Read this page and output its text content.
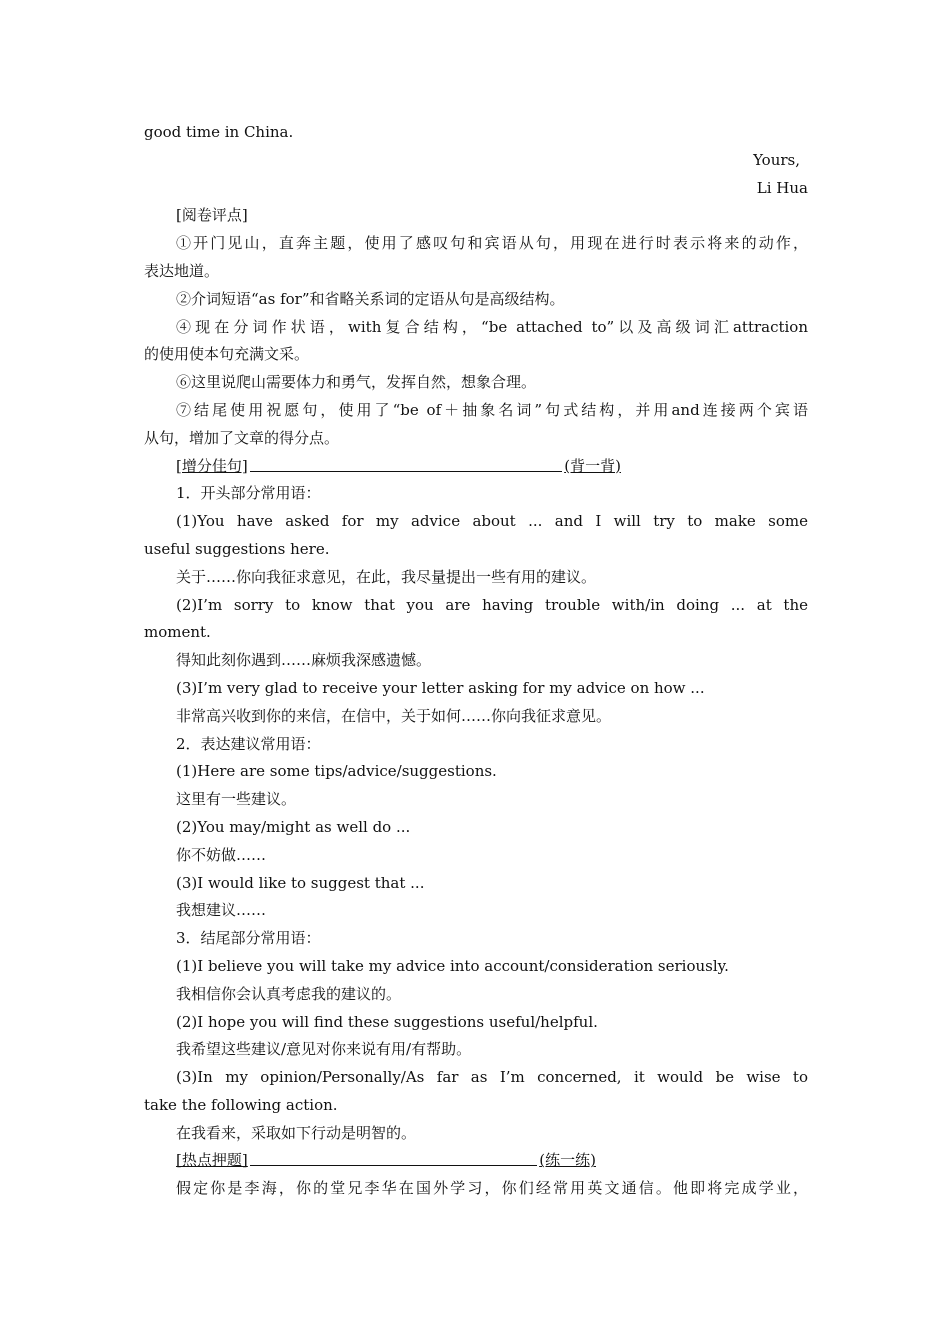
good time in China.
Yours,
Li Hua
[阅卷评点]
①开门见山，直奔主题，使用了感叹句和宾语从句，用现在进行时表示将来的动作，
表达地道。
②介词短语“as for”和省略关系词的定语从句是高级结构。
④现在分词作状语，with复合结构，“be attached to”以及高级词汇attraction
的使用使本句充满文采。
⑥这里说爬山需要体力和勇气，发挥自然，想象合理。
⑦结尾使用祝愿句，使用了“be of＋抽象名词”句式结构，并用and连接两个宾语
从句，增加了文章的得分点。
[增分佳句]	(背一背)
1．开头部分常用语：
(1)You have asked for my advice about ... and I will try to make some
useful suggestions here.
关于……你向我征求意见，在此，我尽量提出一些有用的建议。
(2)I’m sorry to know that you are having trouble with/in doing ... at the
moment.
得知此刻你遇到……麻烦我深感遗憾。
(3)I’m very glad to receive your letter asking for my advice on how ...
非常高兴收到你的来信，在信中，关于如何……你向我征求意见。
2．表达建议常用语：
(1)Here are some tips/advice/suggestions.
这里有一些建议。
(2)You may/might as well do ...
你不妨做……
(3)I would like to suggest that ...
我想建议……
3．结尾部分常用语：
(1)I believe you will take my advice into account/consideration seriously.
我相信你会认真考虑我的建议的。
(2)I hope you will find these suggestions useful/helpful.
我希望这些建议/意见对你来说有用/有帮助。
(3)In my opinion/Personally/As far as I’m concerned, it would be wise to
take the following action.
在我看来，采取如下行动是明智的。
[热点押题]	(练一练)
假定你是李海，你的堂兄李华在国外学习，你们经常用英文通信。他即将完成学业，
